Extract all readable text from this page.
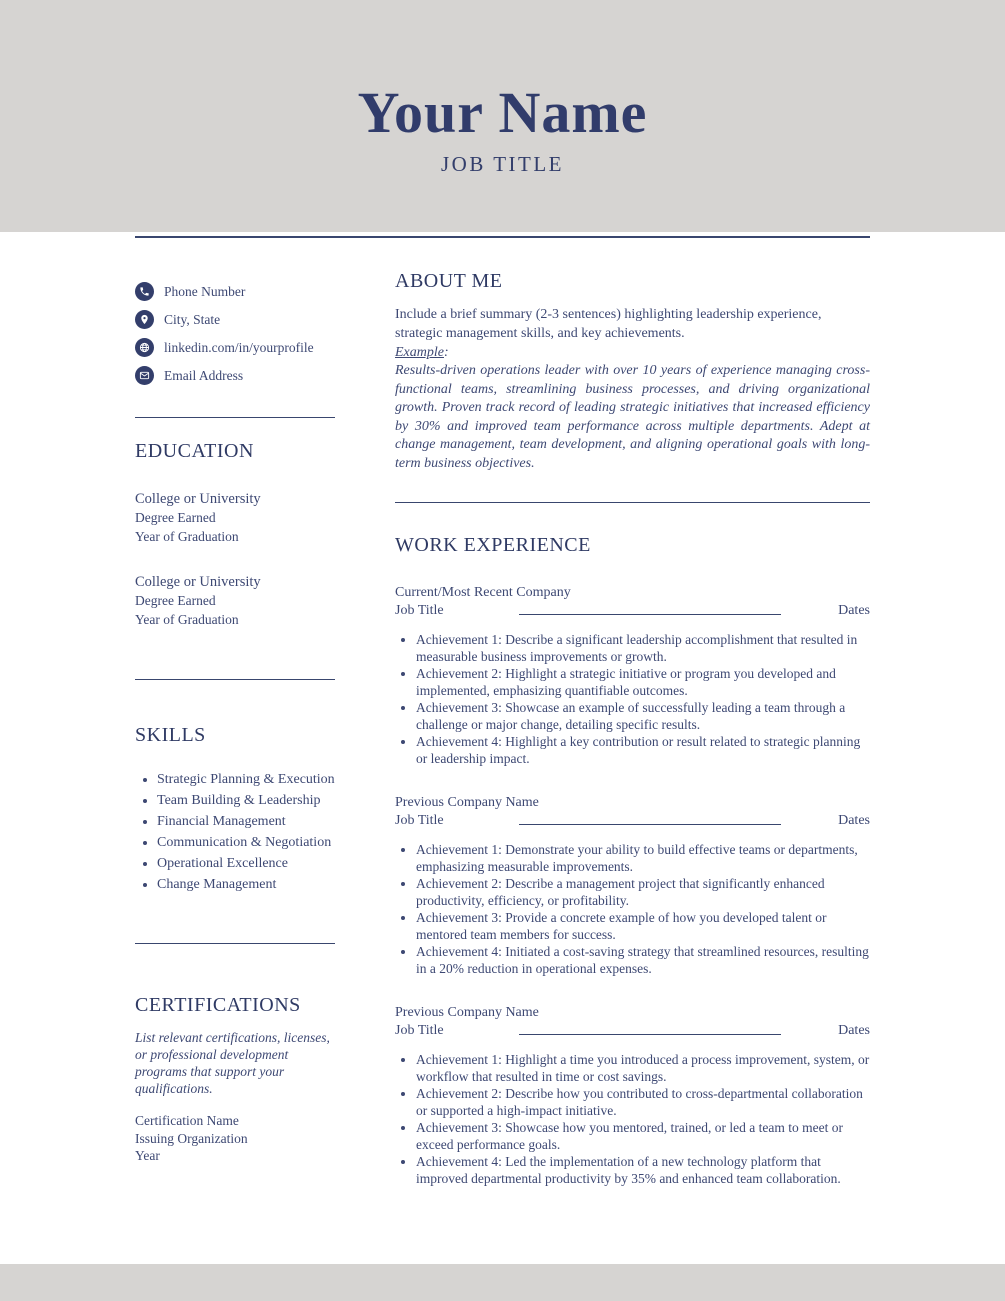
Your Name
JOB TITLE
Phone Number
City, State
linkedin.com/in/yourprofile
Email Address
EDUCATION
College or University
Degree Earned
Year of Graduation
College or University
Degree Earned
Year of Graduation
SKILLS
• Strategic Planning & Execution
• Team Building & Leadership
• Financial Management
• Communication & Negotiation
• Operational Excellence
• Change Management
CERTIFICATIONS
List relevant certifications, licenses, or professional development programs that support your qualifications.
Certification Name
Issuing Organization
Year
ABOUT ME
Include a brief summary (2-3 sentences) highlighting leadership experience, strategic management skills, and key achievements.
Example:
Results-driven operations leader with over 10 years of experience managing cross-functional teams, streamlining business processes, and driving organizational growth. Proven track record of leading strategic initiatives that increased efficiency by 30% and improved team performance across multiple departments. Adept at change management, team development, and aligning operational goals with long-term business objectives.
WORK EXPERIENCE
Current/Most Recent Company
Job Title	Dates
• Achievement 1: Describe a significant leadership accomplishment that resulted in measurable business improvements or growth.
• Achievement 2: Highlight a strategic initiative or program you developed and implemented, emphasizing quantifiable outcomes.
• Achievement 3: Showcase an example of successfully leading a team through a challenge or major change, detailing specific results.
• Achievement 4: Highlight a key contribution or result related to strategic planning or leadership impact.
Previous Company Name
Job Title	Dates
• Achievement 1: Demonstrate your ability to build effective teams or departments, emphasizing measurable improvements.
• Achievement 2: Describe a management project that significantly enhanced productivity, efficiency, or profitability.
• Achievement 3: Provide a concrete example of how you developed talent or mentored team members for success.
• Achievement 4: Initiated a cost-saving strategy that streamlined resources, resulting in a 20% reduction in operational expenses.
Previous Company Name
Job Title	Dates
• Achievement 1: Highlight a time you introduced a process improvement, system, or workflow that resulted in time or cost savings.
• Achievement 2: Describe how you contributed to cross-departmental collaboration or supported a high-impact initiative.
• Achievement 3: Showcase how you mentored, trained, or led a team to meet or exceed performance goals.
• Achievement 4: Led the implementation of a new technology platform that improved departmental productivity by 35% and enhanced team collaboration.
